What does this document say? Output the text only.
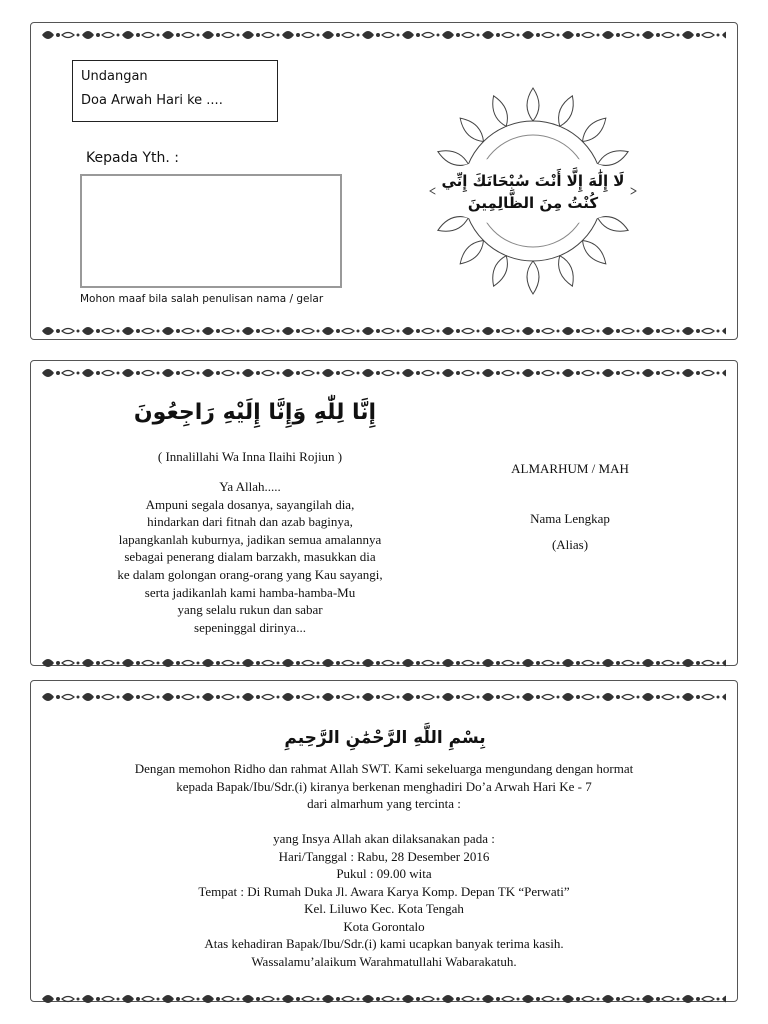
Undangan
Doa Arwah Hari ke ....
Kepada Yth. :
Mohon maaf bila salah penulisan nama / gelar
لَا إِلَٰهَ إِلَّا أَنْتَ سُبْحَانَكَ إِنِّي كُنْتُ مِنَ الظَّالِمِينَ
إِنَّا لِلّٰهِ وَإِنَّا إِلَيْهِ رَاجِعُونَ
( Innalillahi Wa Inna Ilaihi Rojiun )
Ya Allah.....
Ampuni segala dosanya, sayangilah dia,
hindarkan dari fitnah dan azab baginya,
lapangkanlah kuburnya, jadikan semua amalannya
sebagai penerang dialam barzakh, masukkan dia
ke dalam golongan orang-orang yang Kau sayangi,
serta jadikanlah kami hamba-hamba-Mu
yang selalu rukun dan sabar
sepeninggal dirinya...
ALMARHUM / MAH
Nama Lengkap
(Alias)
بِسْمِ اللَّهِ الرَّحْمَٰنِ الرَّحِيمِ
Dengan memohon Ridho dan rahmat Allah SWT. Kami sekeluarga mengundang dengan hormat
kepada Bapak/Ibu/Sdr.(i) kiranya berkenan menghadiri Do’a Arwah Hari Ke - 7
dari almarhum yang tercinta :
yang Insya Allah akan dilaksanakan pada :
Hari/Tanggal : Rabu, 28 Desember 2016
Pukul : 09.00 wita
Tempat : Di Rumah Duka Jl. Awara Karya Komp. Depan TK “Perwati”
Kel. Liluwo Kec. Kota Tengah
Kota Gorontalo
Atas kehadiran Bapak/Ibu/Sdr.(i) kami ucapkan banyak terima kasih.
Wassalamu’alaikum Warahmatullahi Wabarakatuh.
